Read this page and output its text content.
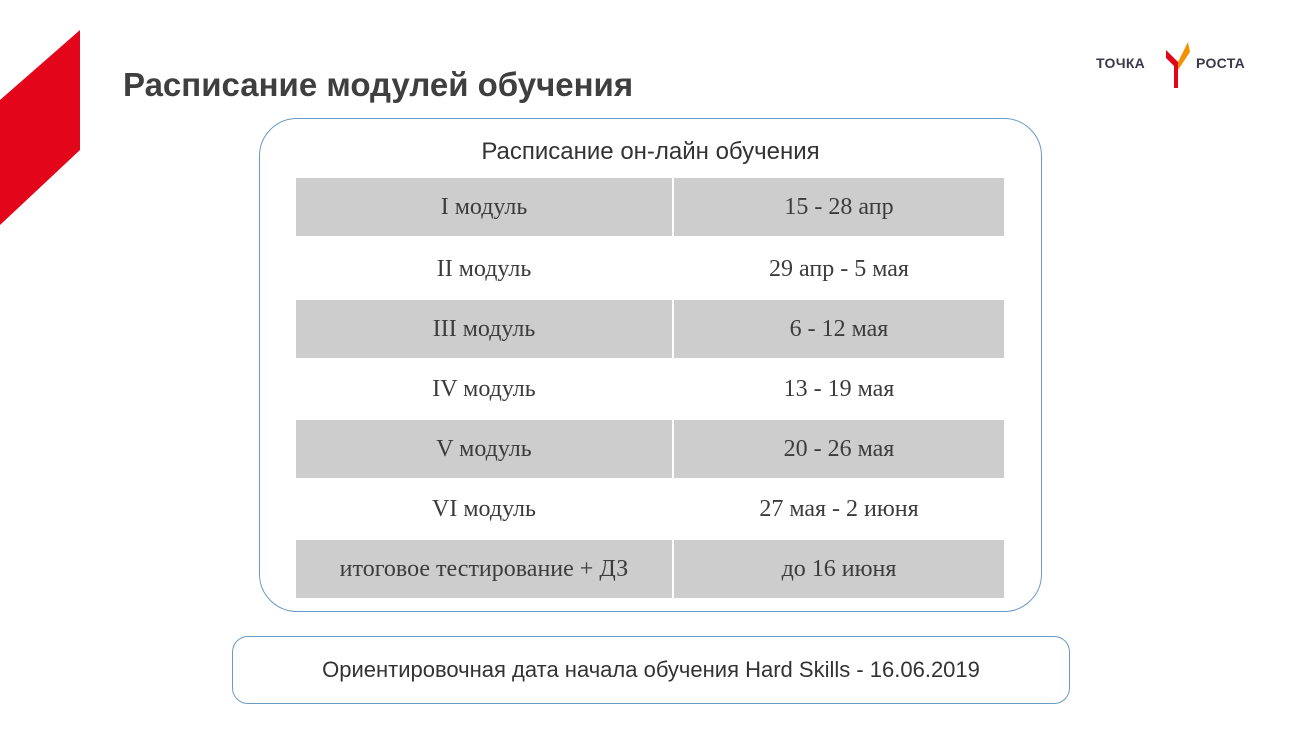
Расписание модулей обучения
ТОЧКА	РОСТА
Расписание он-лайн обучения
I модуль	15 - 28 апр
II модуль	29 апр - 5 мая
III модуль	6 - 12 мая
IV модуль	13 - 19 мая
V модуль	20 - 26 мая
VI модуль	27 мая - 2 июня
итоговое тестирование + ДЗ	до 16 июня
Ориентировочная дата начала обучения Hard Skills - 16.06.2019
